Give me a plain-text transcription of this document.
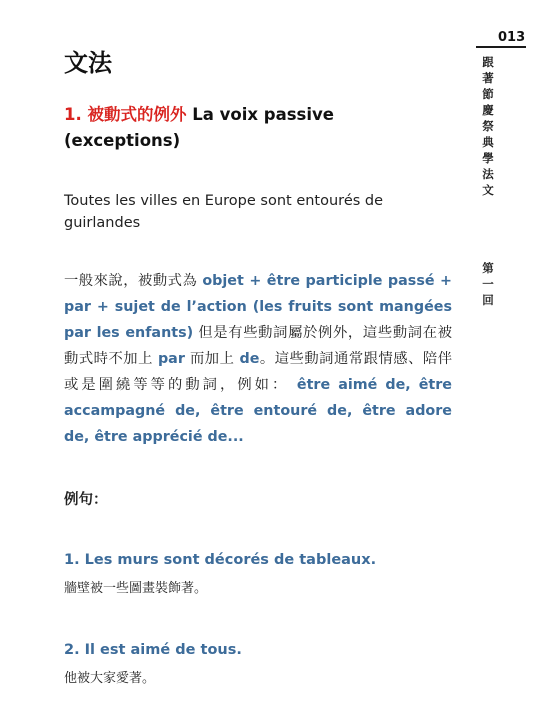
013
跟
著
節
慶
祭
典
學
法
文
第
一
回
文法
1. 被動式的例外 La voix passive (exceptions)

Toutes les villes en Europe sont entourés de guirlandes

一般來說，被動式為 objet + être participle passé + par + sujet de l’action (les fruits sont mangées par les enfants) 但是有些動詞屬於例外，這些動詞在被動式時不加上 par 而加上 de。這些動詞通常跟情感、陪伴或是圍繞等等的動詞，例如： être aimé de, être accampagné de, être entouré de, être adore de, être apprécié de...

例句：
1. Les murs sont décorés de tableaux.
牆壁被一些圖畫裝飾著。
2. Il est aimé de tous.
他被大家愛著。
